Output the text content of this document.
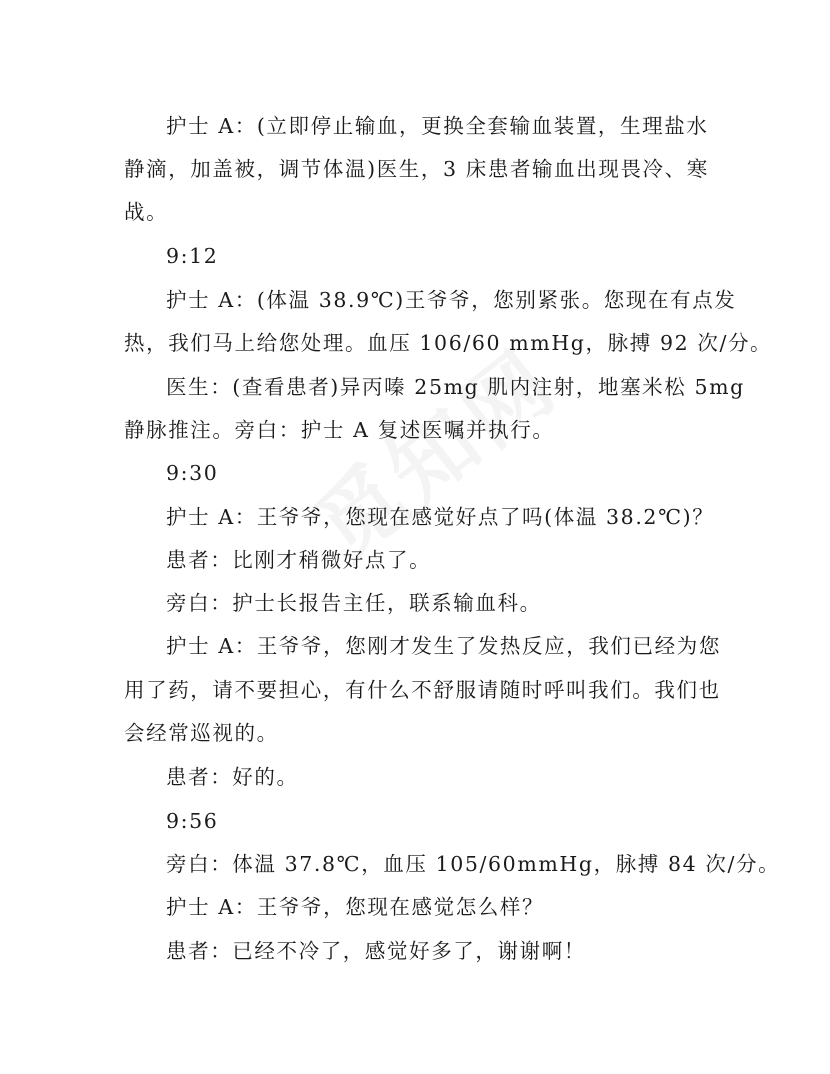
护士 A：(立即停止输血，更换全套输血装置，生理盐水
静滴，加盖被，调节体温)医生，3 床患者输血出现畏冷、寒
战。
9:12
护士 A：(体温 38.9℃)王爷爷，您别紧张。您现在有点发
热，我们马上给您处理。血压 106/60 mmHg，脉搏 92 次/分。
医生：(查看患者)异丙嗪 25mg 肌内注射，地塞米松 5mg
静脉推注。旁白：护士 A 复述医嘱并执行。
9:30
护士 A：王爷爷，您现在感觉好点了吗(体温 38.2℃)？
患者：比刚才稍微好点了。
旁白：护士长报告主任，联系输血科。
护士 A：王爷爷，您刚才发生了发热反应，我们已经为您
用了药，请不要担心，有什么不舒服请随时呼叫我们。我们也
会经常巡视的。
患者：好的。
9:56
旁白：体温 37.8℃，血压 105/60mmHg，脉搏 84 次/分。
护士 A：王爷爷，您现在感觉怎么样？
患者：已经不冷了，感觉好多了，谢谢啊！
